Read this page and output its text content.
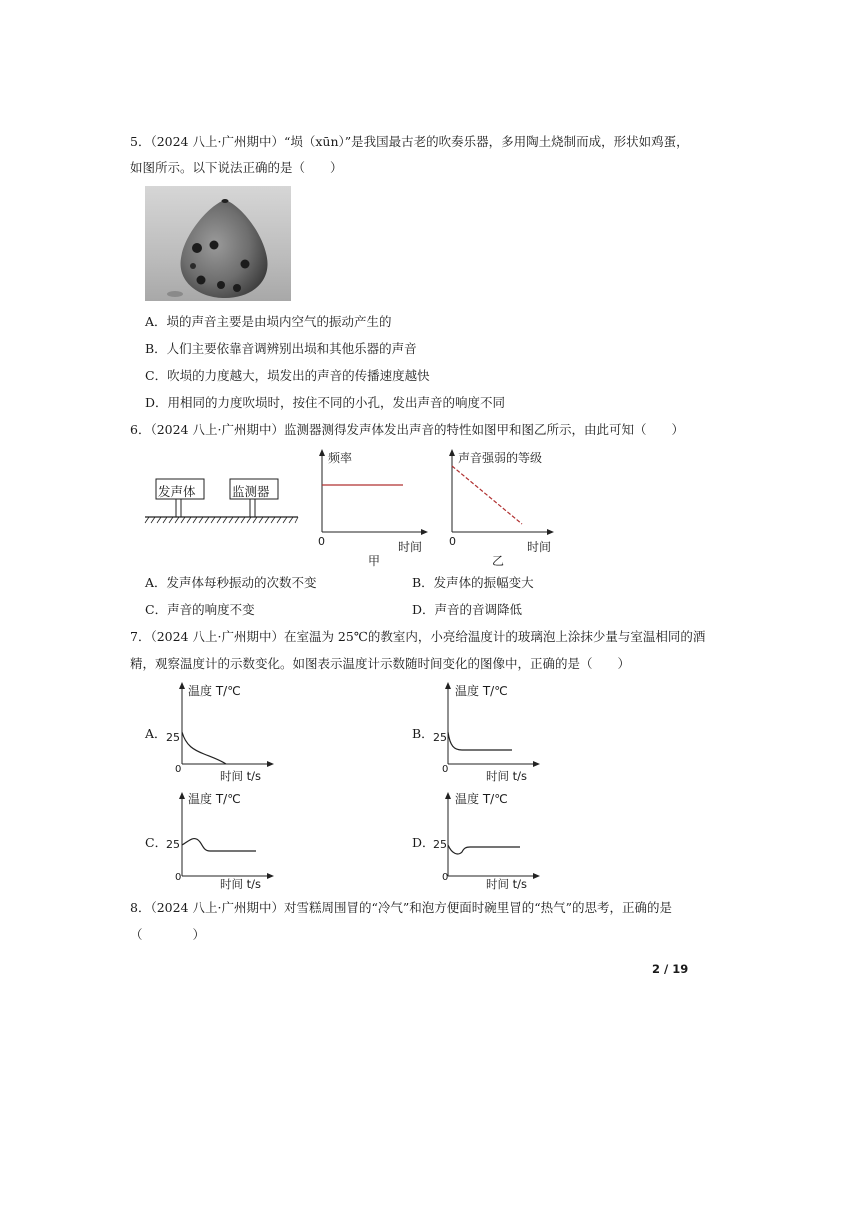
5．（2024 八上·广州期中）“埙（xūn）”是我国最古老的吹奏乐器，多用陶土烧制而成，形状如鸡蛋，
如图所示。以下说法正确的是（　　）
A．埙的声音主要是由埙内空气的振动产生的
B．人们主要依靠音调辨别出埙和其他乐器的声音
C．吹埙的力度越大，埙发出的声音的传播速度越快
D．用相同的力度吹埙时，按住不同的小孔，发出声音的响度不同
6．（2024 八上·广州期中）监测器测得发声体发出声音的特性如图甲和图乙所示，由此可知（　　）
发声体	监测器
频率
0	时间
甲
声音强弱的等级
0	时间
乙
A．发声体每秒振动的次数不变	B．发声体的振幅变大
C．声音的响度不变	D．声音的音调降低
7．（2024 八上·广州期中）在室温为 25℃的教室内，小亮给温度计的玻璃泡上涂抹少量与室温相同的酒
精，观察温度计的示数变化。如图表示温度计示数随时间变化的图像中，正确的是（　　）
A．	B．
C．	D．
温度 T/℃
25
0	时间 t/s
温度 T/℃
25
0	时间 t/s
温度 T/℃
25
0	时间 t/s
温度 T/℃
25
0	时间 t/s
8．（2024 八上·广州期中）对雪糕周围冒的“冷气”和泡方便面时碗里冒的“热气”的思考，正确的是
（　　　　）
2 / 19
